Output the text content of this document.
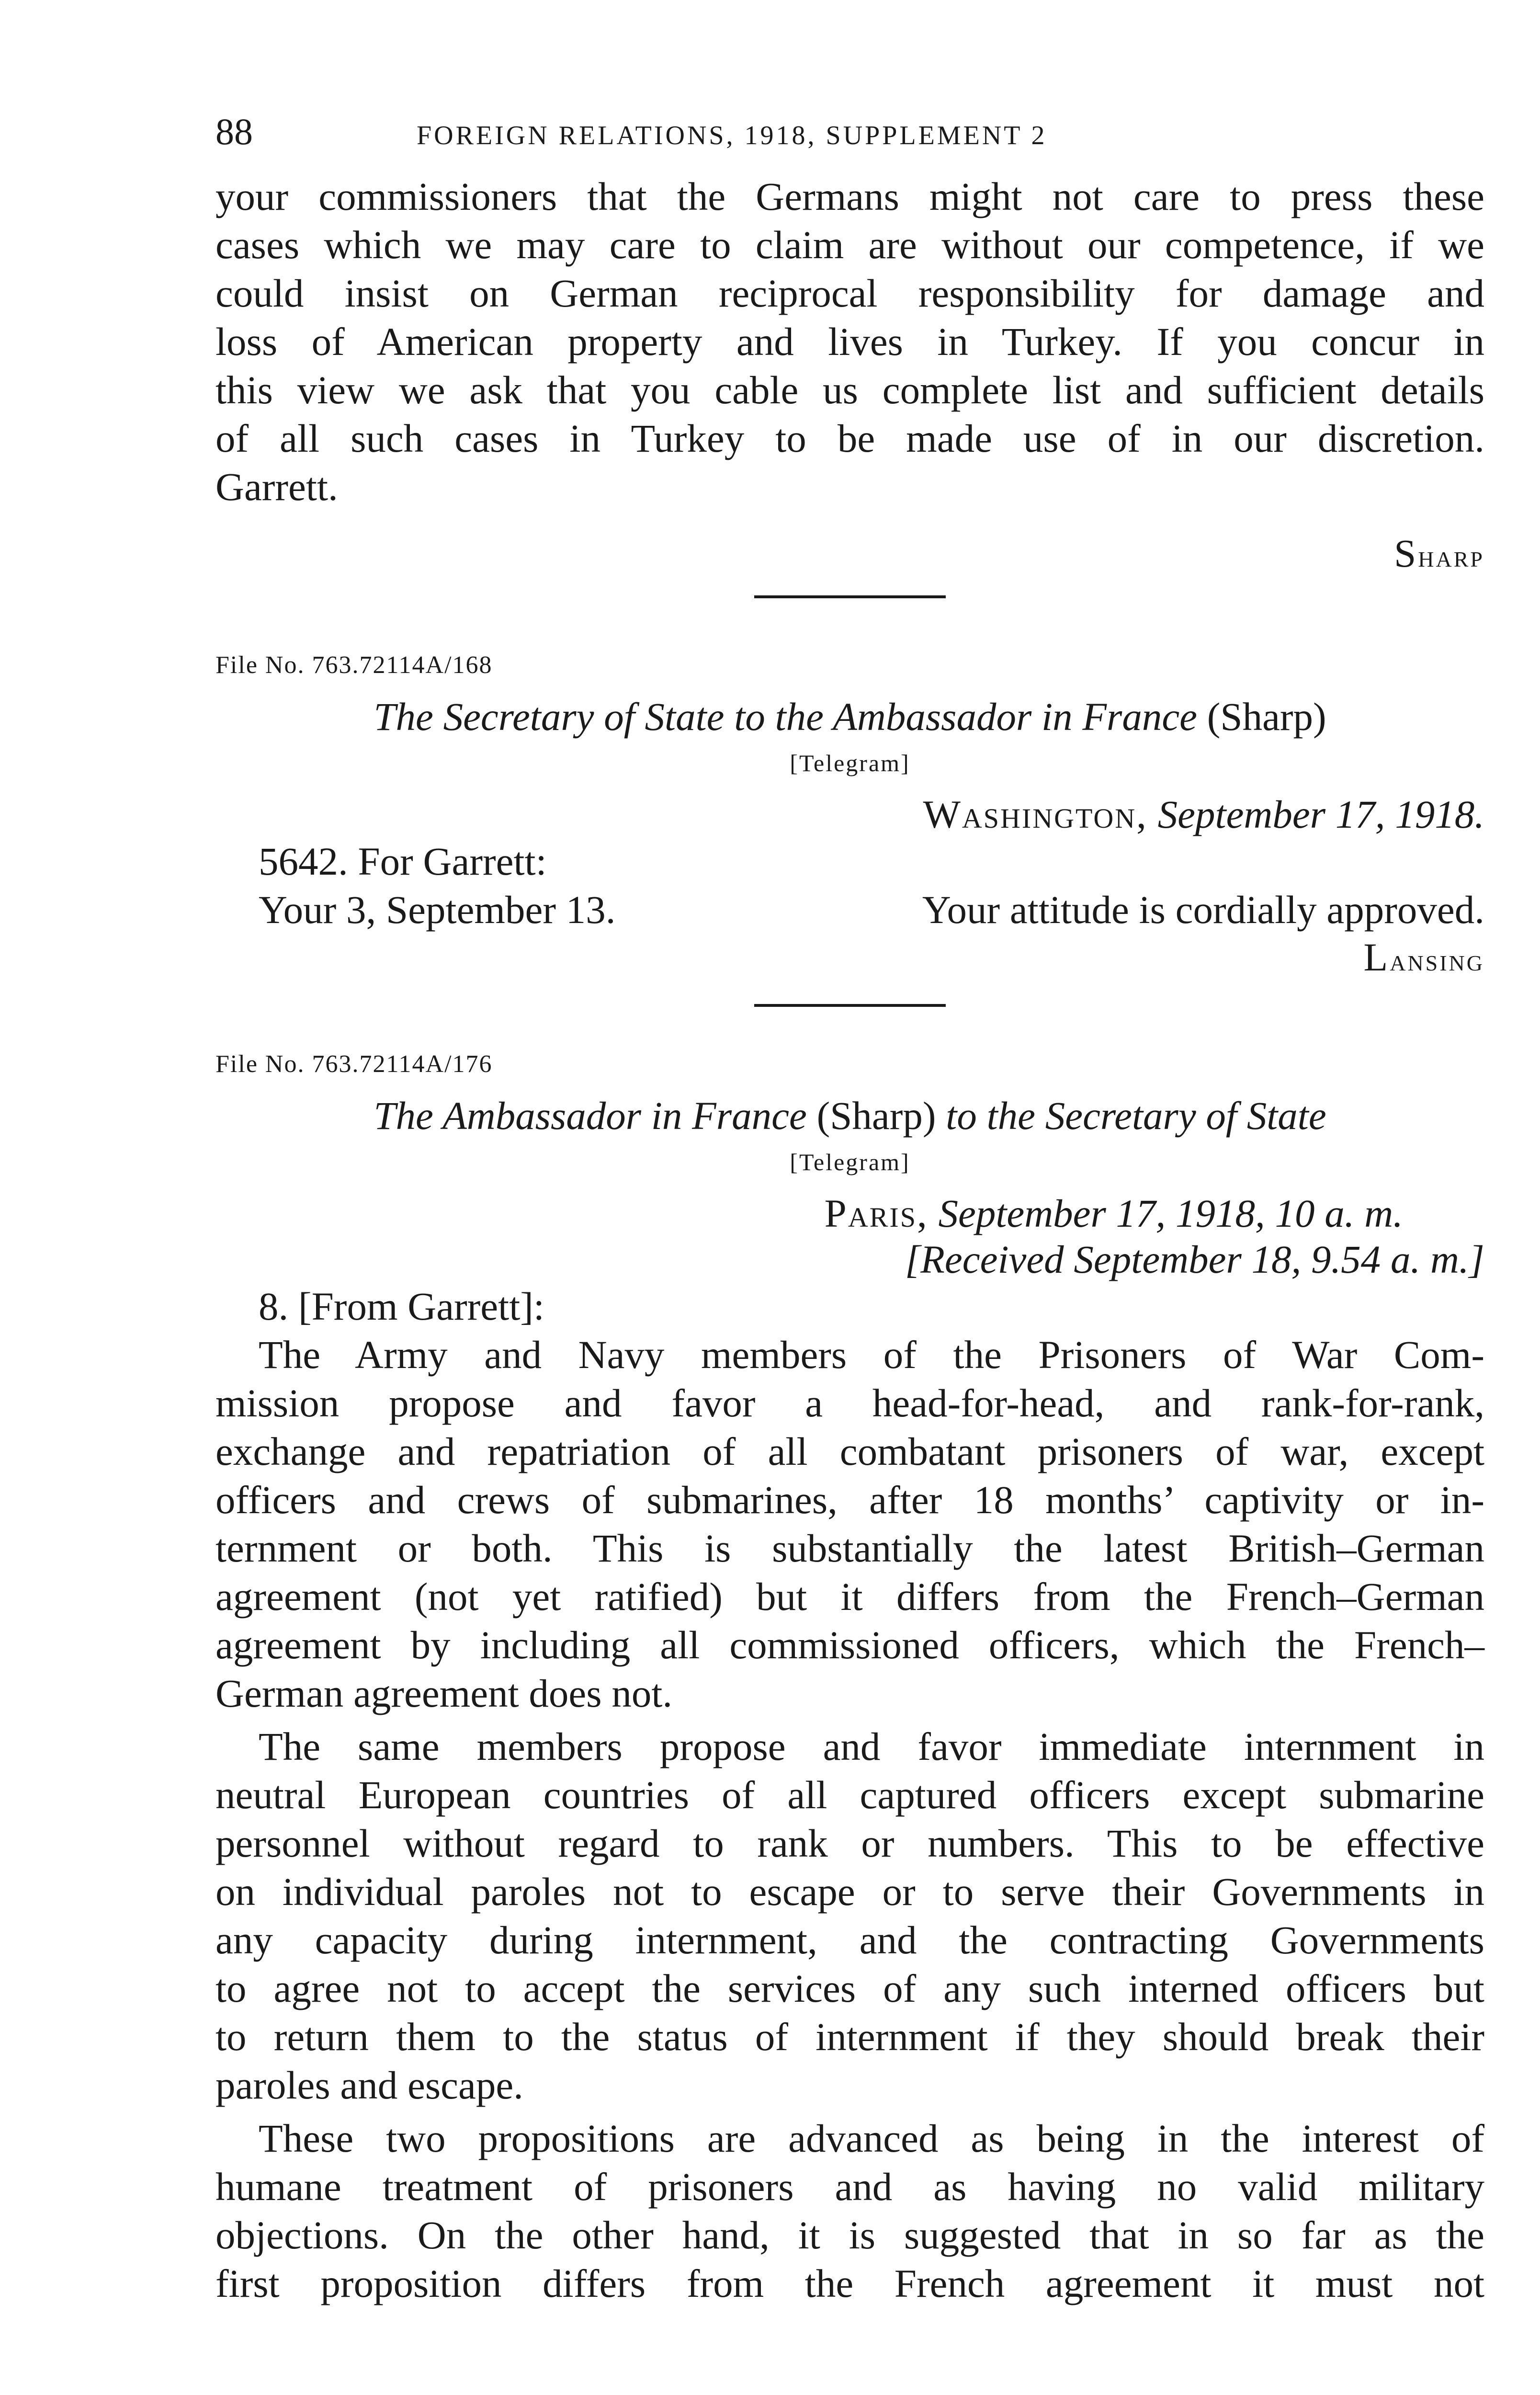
88	FOREIGN RELATIONS, 1918, SUPPLEMENT 2
your commissioners that the Germans might not care to press these
cases which we may care to claim are without our competence, if we
could insist on German reciprocal responsibility for damage and
loss of American property and lives in Turkey. If you concur in
this view we ask that you cable us complete list and sufficient details
of all such cases in Turkey to be made use of in our discretion.
Garrett.

Sharp

File No. 763.72114A/168

The Secretary of State to the Ambassador in France (Sharp)

[Telegram]

Washington, September 17, 1918.

5642. For Garrett:

Your 3, September 13.	Your attitude is cordially approved.

Lansing

File No. 763.72114A/176

The Ambassador in France (Sharp) to the Secretary of State

[Telegram]

Paris, September 17, 1918, 10 a. m.

[Received September 18, 9.54 a. m.]

8. [From Garrett]:

The Army and Navy members of the Prisoners of War Com-
mission propose and favor a head-for-head, and rank-for-rank,
exchange and repatriation of all combatant prisoners of war, except
officers and crews of submarines, after 18 months’ captivity or in-
ternment or both. This is substantially the latest British–German
agreement (not yet ratified) but it differs from the French–German
agreement by including all commissioned officers, which the French–
German agreement does not.
The same members propose and favor immediate internment in
neutral European countries of all captured officers except submarine
personnel without regard to rank or numbers. This to be effective
on individual paroles not to escape or to serve their Governments in
any capacity during internment, and the contracting Governments
to agree not to accept the services of any such interned officers but
to return them to the status of internment if they should break their
paroles and escape.
These two propositions are advanced as being in the interest of
humane treatment of prisoners and as having no valid military
objections. On the other hand, it is suggested that in so far as the
first proposition differs from the French agreement it must not
